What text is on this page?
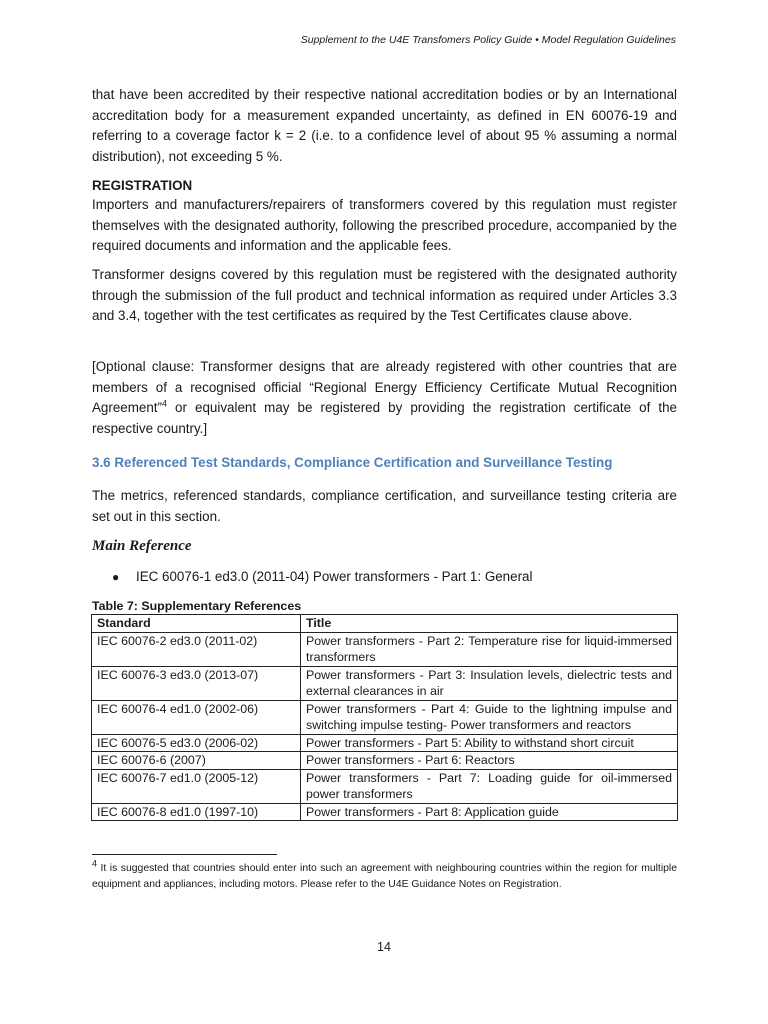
Supplement to the U4E Transfomers Policy Guide • Model Regulation Guidelines
that have been accredited by their respective national accreditation bodies or by an International accreditation body for a measurement expanded uncertainty, as defined in EN 60076-19 and referring to a coverage factor k = 2 (i.e. to a confidence level of about 95 % assuming a normal distribution), not exceeding 5 %.
REGISTRATION
Importers and manufacturers/repairers of transformers covered by this regulation must register themselves with the designated authority, following the prescribed procedure, accompanied by the required documents and information and the applicable fees.
Transformer designs covered by this regulation must be registered with the designated authority through the submission of the full product and technical information as required under Articles 3.3 and 3.4, together with the test certificates as required by the Test Certificates clause above.
[Optional clause: Transformer designs that are already registered with other countries that are members of a recognised official “Regional Energy Efficiency Certificate Mutual Recognition Agreement”$^4$ or equivalent may be registered by providing the registration certificate of the respective country.]
3.6 Referenced Test Standards, Compliance Certification and Surveillance Testing
The metrics, referenced standards, compliance certification, and surveillance testing criteria are set out in this section.
Main Reference
● IEC 60076-1 ed3.0 (2011-04) Power transformers - Part 1: General
Table 7: Supplementary References
Standard	Title
IEC 60076-2 ed3.0 (2011-02)	Power transformers - Part 2: Temperature rise for liquid-immersed transformers
IEC 60076-3 ed3.0 (2013-07)	Power transformers - Part 3: Insulation levels, dielectric tests and external clearances in air
IEC 60076-4 ed1.0 (2002-06)	Power transformers - Part 4: Guide to the lightning impulse and switching impulse testing- Power transformers and reactors
IEC 60076-5 ed3.0 (2006-02)	Power transformers - Part 5: Ability to withstand short circuit
IEC 60076-6 (2007)	Power transformers - Part 6: Reactors
IEC 60076-7 ed1.0 (2005-12)	Power transformers - Part 7: Loading guide for oil-immersed power transformers
IEC 60076-8 ed1.0 (1997-10)	Power transformers - Part 8: Application guide
$^4$ It is suggested that countries should enter into such an agreement with neighbouring countries within the region for multiple equipment and appliances, including motors. Please refer to the U4E Guidance Notes on Registration.
14
